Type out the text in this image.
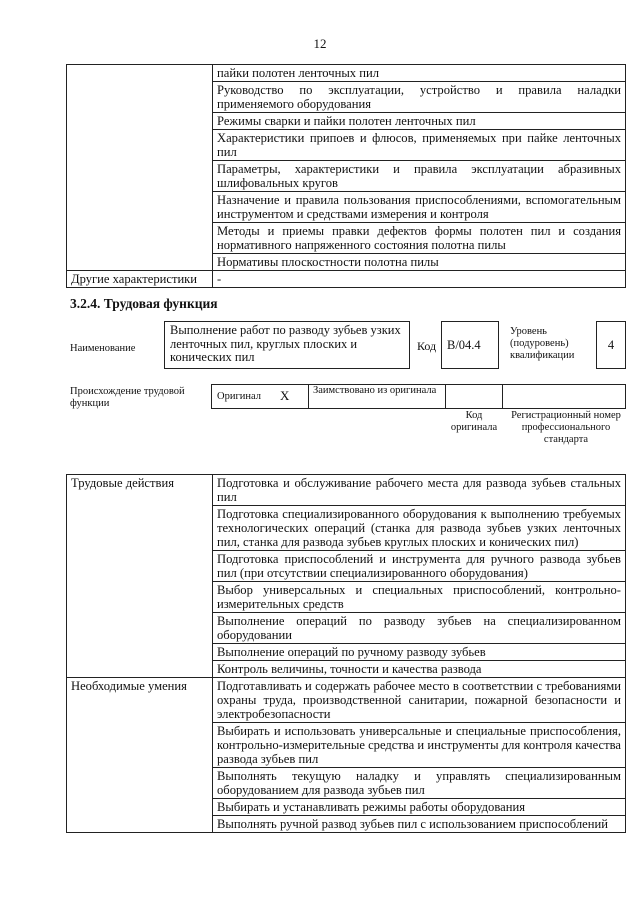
12
	пайки полотен ленточных пил
	Руководство по эксплуатации, устройство и правила наладки применяемого оборудования
	Режимы сварки и пайки полотен ленточных пил
	Характеристики припоев и флюсов, применяемых при пайке ленточных пил
	Параметры, характеристики и правила эксплуатации абразивных шлифовальных кругов
	Назначение и правила пользования приспособлениями, вспомогательным инструментом и средствами измерения и контроля
	Методы и приемы правки дефектов формы полотен пил и создания нормативного напряженного состояния полотна пилы
	Нормативы плоскостности полотна пилы
Другие характеристики	-
3.2.4. Трудовая функция
Наименование
Выполнение работ по разводу зубьев узких ленточных пил, круглых плоских и конических пил
Код В/04.4
Уровень (подуровень) квалификации
4
Происхождение трудовой функции
Оригинал X Заимствовано из оригинала
Код оригинала
Регистрационный номер профессионального стандарта
Трудовые действия	Подготовка и обслуживание рабочего места для развода зубьев стальных пил
	Подготовка специализированного оборудования к выполнению требуемых технологических операций (станка для развода зубьев узких ленточных пил, станка для развода зубьев круглых плоских и конических пил)
	Подготовка приспособлений и инструмента для ручного развода зубьев пил (при отсутствии специализированного оборудования)
	Выбор универсальных и специальных приспособлений, контрольно-измерительных средств
	Выполнение операций по разводу зубьев на специализированном оборудовании
	Выполнение операций по ручному разводу зубьев
	Контроль величины, точности и качества развода
Необходимые умения	Подготавливать и содержать рабочее место в соответствии с требованиями охраны труда, производственной санитарии, пожарной безопасности и электробезопасности
	Выбирать и использовать универсальные и специальные приспособления, контрольно-измерительные средства и инструменты для контроля качества развода зубьев пил
	Выполнять текущую наладку и управлять специализированным оборудованием для развода зубьев пил
	Выбирать и устанавливать режимы работы оборудования
	Выполнять ручной развод зубьев пил с использованием приспособлений
